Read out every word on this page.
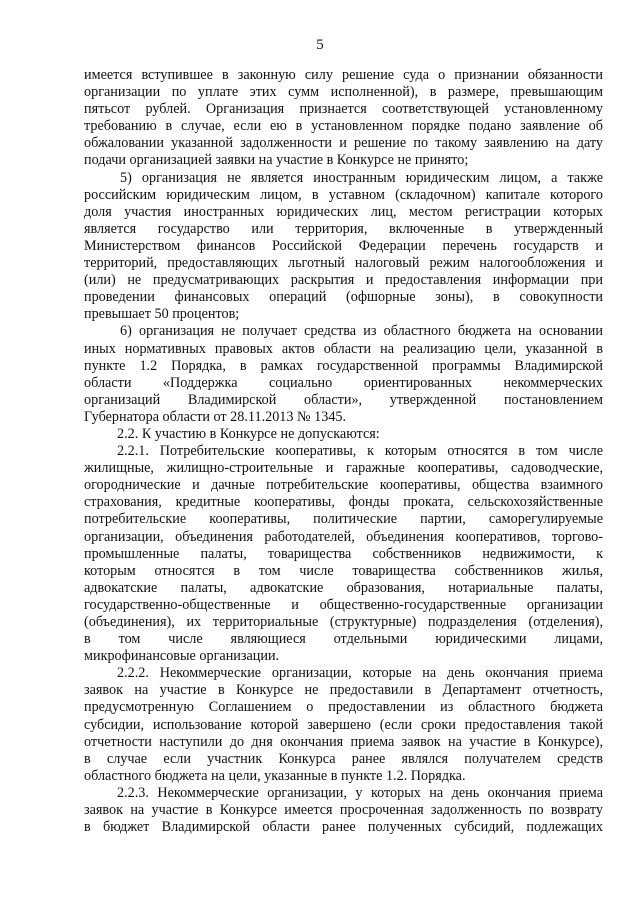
5
имеется вступившее в законную силу решение суда о признании обязанности
организации по уплате этих сумм исполненной), в размере, превышающим
пятьсот рублей. Организация признается соответствующей установленному
требованию в случае, если ею в установленном порядке подано заявление об
обжаловании указанной задолженности и решение по такому заявлению на дату
подачи организацией заявки на участие в Конкурсе не принято;
5) организация не является иностранным юридическим лицом, а также
российским юридическим лицом, в уставном (складочном) капитале которого
доля участия иностранных юридических лиц, местом регистрации которых
является государство или территория, включенные в утвержденный
Министерством финансов Российской Федерации перечень государств и
территорий, предоставляющих льготный налоговый режим налогообложения и
(или) не предусматривающих раскрытия и предоставления информации при
проведении финансовых операций (офшорные зоны), в совокупности
превышает 50 процентов;
6) организация не получает средства из областного бюджета на основании
иных нормативных правовых актов области на реализацию цели, указанной в
пункте 1.2 Порядка, в рамках государственной программы Владимирской
области «Поддержка социально ориентированных некоммерческих
организаций Владимирской области», утвержденной постановлением
Губернатора области от 28.11.2013 № 1345.
2.2. К участию в Конкурсе не допускаются:
2.2.1. Потребительские кооперативы, к которым относятся в том числе
жилищные, жилищно-строительные и гаражные кооперативы, садоводческие,
огороднические и дачные потребительские кооперативы, общества взаимного
страхования, кредитные кооперативы, фонды проката, сельскохозяйственные
потребительские кооперативы, политические партии, саморегулируемые
организации, объединения работодателей, объединения кооперативов, торгово-
промышленные палаты, товарищества собственников недвижимости, к
которым относятся в том числе товарищества собственников жилья,
адвокатские палаты, адвокатские образования, нотариальные палаты,
государственно-общественные и общественно-государственные организации
(объединения), их территориальные (структурные) подразделения (отделения),
в том числе являющиеся отдельными юридическими лицами,
микрофинансовые организации.
2.2.2. Некоммерческие организации, которые на день окончания приема
заявок на участие в Конкурсе не предоставили в Департамент отчетность,
предусмотренную Соглашением о предоставлении из областного бюджета
субсидии, использование которой завершено (если сроки предоставления такой
отчетности наступили до дня окончания приема заявок на участие в Конкурсе),
в случае если участник Конкурса ранее являлся получателем средств
областного бюджета на цели, указанные в пункте 1.2. Порядка.
2.2.3. Некоммерческие организации, у которых на день окончания приема
заявок на участие в Конкурсе имеется просроченная задолженность по возврату
в бюджет Владимирской области ранее полученных субсидий, подлежащих
